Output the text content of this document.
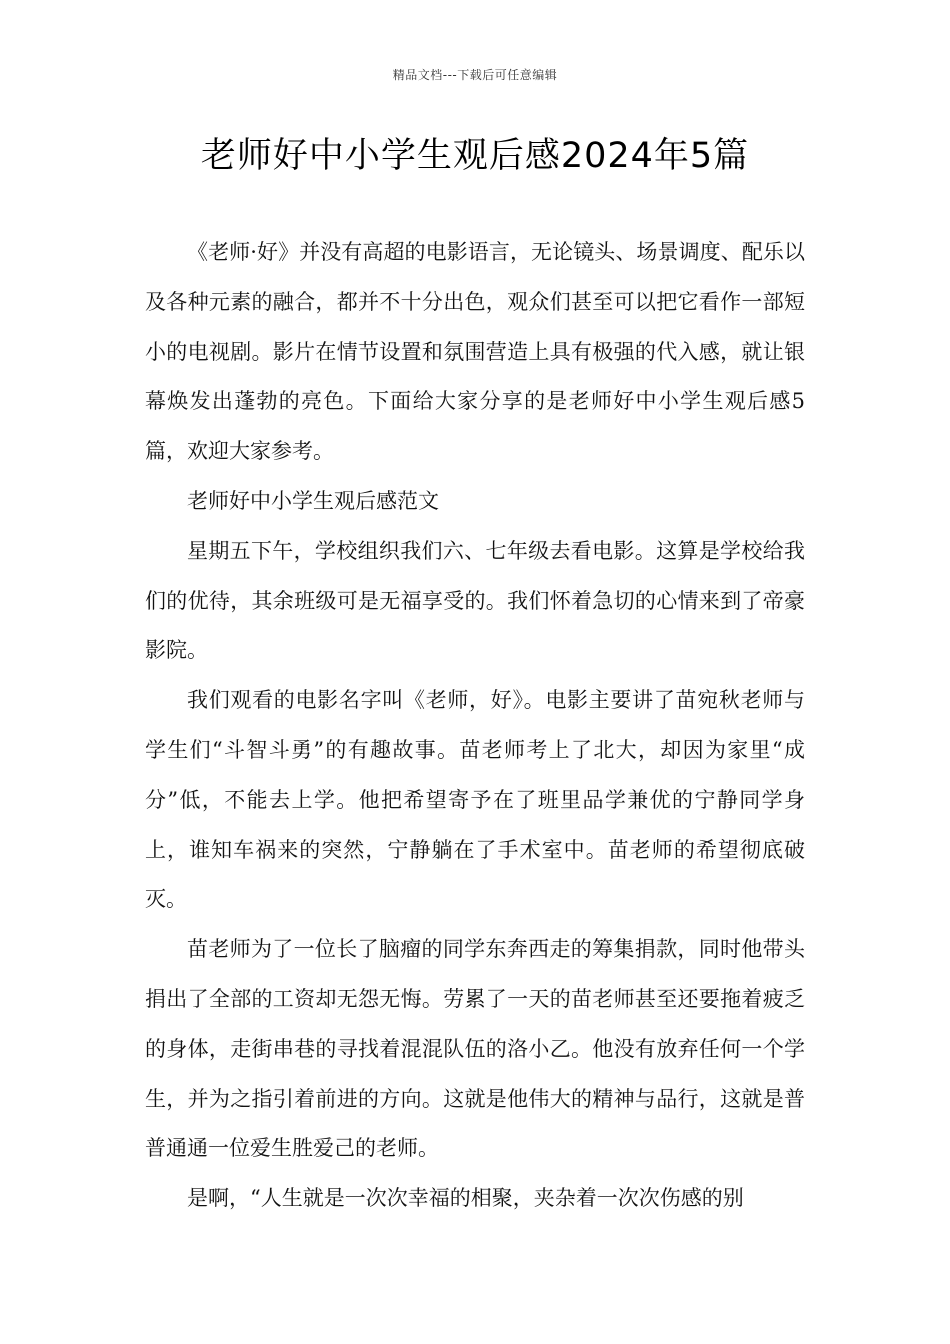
精品文档---下载后可任意编辑
老师好中小学生观后感2024年5篇

《老师·好》并没有高超的电影语言，无论镜头、场景调度、配乐以及各种元素的融合，都并不十分出色，观众们甚至可以把它看作一部短小的电视剧。影片在情节设置和氛围营造上具有极强的代入感，就让银幕焕发出蓬勃的亮色。下面给大家分享的是老师好中小学生观后感5篇，欢迎大家参考。

老师好中小学生观后感范文

星期五下午，学校组织我们六、七年级去看电影。这算是学校给我们的优待，其余班级可是无福享受的。我们怀着急切的心情来到了帝豪影院。

我们观看的电影名字叫《老师，好》。电影主要讲了苗宛秋老师与学生们“斗智斗勇”的有趣故事。苗老师考上了北大，却因为家里“成分”低，不能去上学。他把希望寄予在了班里品学兼优的宁静同学身上，谁知车祸来的突然，宁静躺在了手术室中。苗老师的希望彻底破灭。

苗老师为了一位长了脑瘤的同学东奔西走的筹集捐款，同时他带头捐出了全部的工资却无怨无悔。劳累了一天的苗老师甚至还要拖着疲乏的身体，走街串巷的寻找着混混队伍的洛小乙。他没有放弃任何一个学生，并为之指引着前进的方向。这就是他伟大的精神与品行，这就是普普通通一位爱生胜爱己的老师。

是啊，“人生就是一次次幸福的相聚，夹杂着一次次伤感的别
